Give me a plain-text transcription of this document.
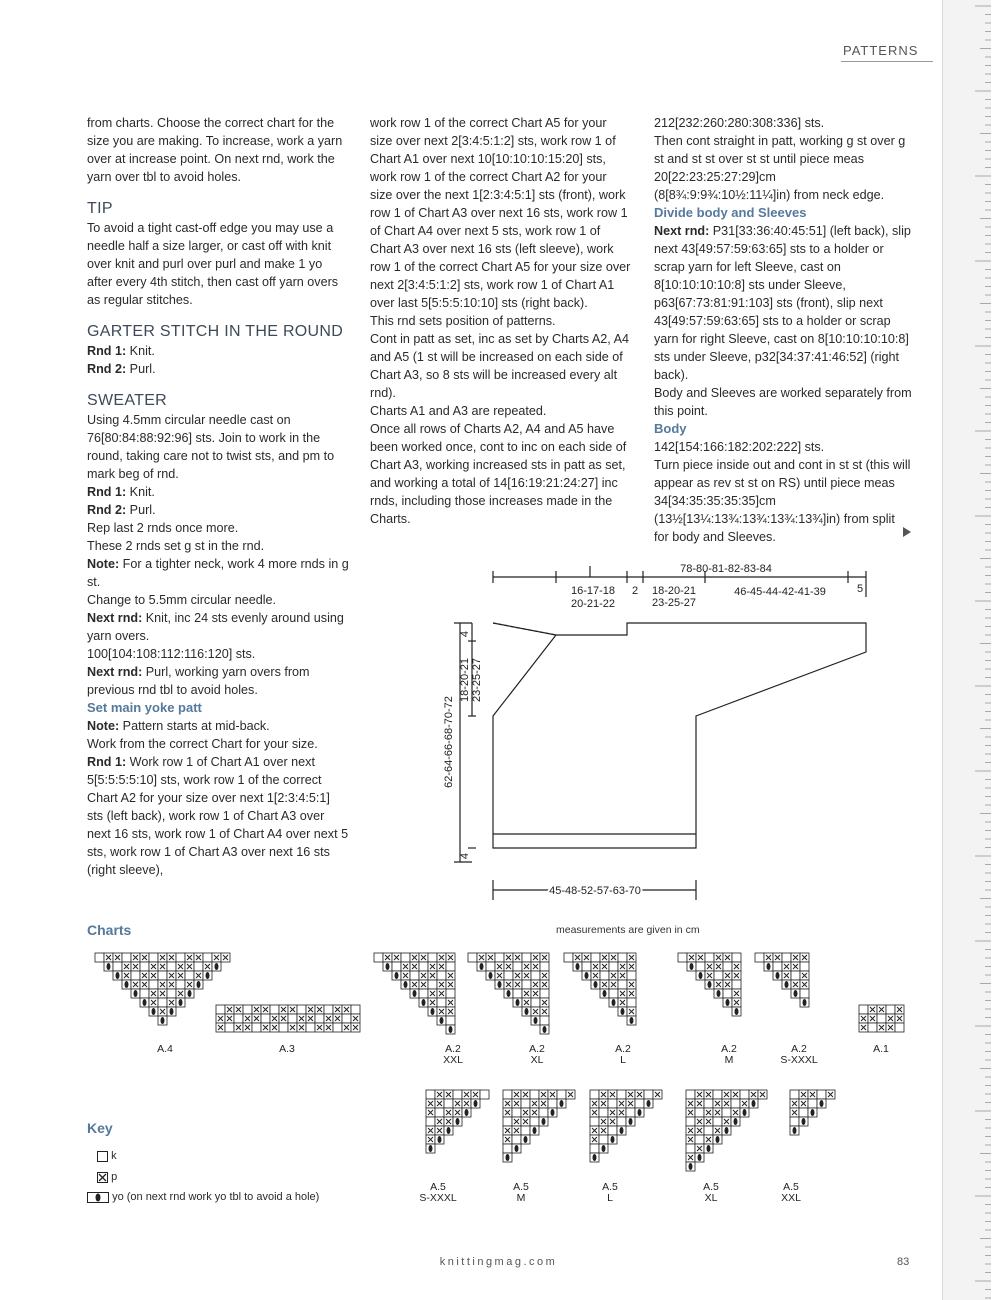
PATTERNS

from charts. Choose the correct chart for the size you are making. To increase, work a yarn over at increase point. On next rnd, work the yarn over tbl to avoid holes.

TIP

To avoid a tight cast-off edge you may use a needle half a size larger, or cast off with knit over knit and purl over purl and make 1 yo after every 4th stitch, then cast off yarn overs as regular stitches.

GARTER STITCH IN THE ROUND

Rnd 1: Knit.

Rnd 2: Purl.

SWEATER

Using 4.5mm circular needle cast on 76[80:84:88:92:96] sts. Join to work in the round, taking care not to twist sts, and pm to mark beg of rnd.

Rnd 1: Knit.

Rnd 2: Purl.

Rep last 2 rnds once more.

These 2 rnds set g st in the rnd.

Note: For a tighter neck, work 4 more rnds in g st.

Change to 5.5mm circular needle.

Next rnd: Knit, inc 24 sts evenly around using yarn overs.

100[104:108:112:116:120] sts.

Next rnd: Purl, working yarn overs from previous rnd tbl to avoid holes.

Set main yoke patt

Note: Pattern starts at mid-back.

Work from the correct Chart for your size.

Rnd 1: Work row 1 of Chart A1 over next 5[5:5:5:5:10] sts, work row 1 of the correct Chart A2 for your size over next 1[2:3:4:5:1] sts (left back), work row 1 of Chart A3 over next 16 sts, work row 1 of Chart A4 over next 5 sts, work row 1 of Chart A3 over next 16 sts (right sleeve),

work row 1 of the correct Chart A5 for your size over next 2[3:4:5:1:2] sts, work row 1 of Chart A1 over next 10[10:10:10:15:20] sts, work row 1 of the correct Chart A2 for your size over the next 1[2:3:4:5:1] sts (front), work row 1 of Chart A3 over next 16 sts, work row 1 of Chart A4 over next 5 sts, work row 1 of Chart A3 over next 16 sts (left sleeve), work row 1 of the correct Chart A5 for your size over next 2[3:4:5:1:2] sts, work row 1 of Chart A1 over last 5[5:5:5:10:10] sts (right back).

This rnd sets position of patterns.

Cont in patt as set, inc as set by Charts A2, A4 and A5 (1 st will be increased on each side of Chart A3, so 8 sts will be increased every alt rnd).

Charts A1 and A3 are repeated.

Once all rows of Charts A2, A4 and A5 have been worked once, cont to inc on each side of Chart A3, working increased sts in patt as set, and working a total of 14[16:19:21:24:27] inc rnds, including those increases made in the Charts.

212[232:260:280:308:336] sts.

Then cont straight in patt, working g st over g st and st st over st st until piece meas 20[22:23:25:27:29]cm (8[8¾:9:9¾:10½:11¼]in) from neck edge.

Divide body and Sleeves

Next rnd: P31[33:36:40:45:51] (left back), slip next 43[49:57:59:63:65] sts to a holder or scrap yarn for left Sleeve, cast on 8[10:10:10:10:8] sts under Sleeve, p63[67:73:81:91:103] sts (front), slip next 43[49:57:59:63:65] sts to a holder or scrap yarn for right Sleeve, cast on 8[10:10:10:10:8] sts under Sleeve, p32[34:37:41:46:52] (right back).

Body and Sleeves are worked separately from this point.

Body

142[154:166:182:202:222] sts.

Turn piece inside out and cont in st st (this will appear as rev st st on RS) until piece meas 34[34:35:35:35:35]cm (13½[13¼:13¾:13¾:13¾:13¾]in) from split for body and Sleeves.

78-80-81-82-83-84
16-17-18
20-21-22
2 18-20-21
23-25-27
46-45-44-42-41-39	5
62-64-66-68-70-72
18-20-21 23-25-27
4
4
45-48-52-57-63-70
measurements are given in cm
Charts
A.4	A.3	A.2
XXL
A.2
XL
A.2
L
A.2
M
A.2
S-XXXL
A.1
A.5
S-XXXL
A.5
M
A.5
L
A.5
XL
A.5
XXL
Key
k
p
yo (on next rnd work yo tbl to avoid a hole)
knittingmag.com	83
